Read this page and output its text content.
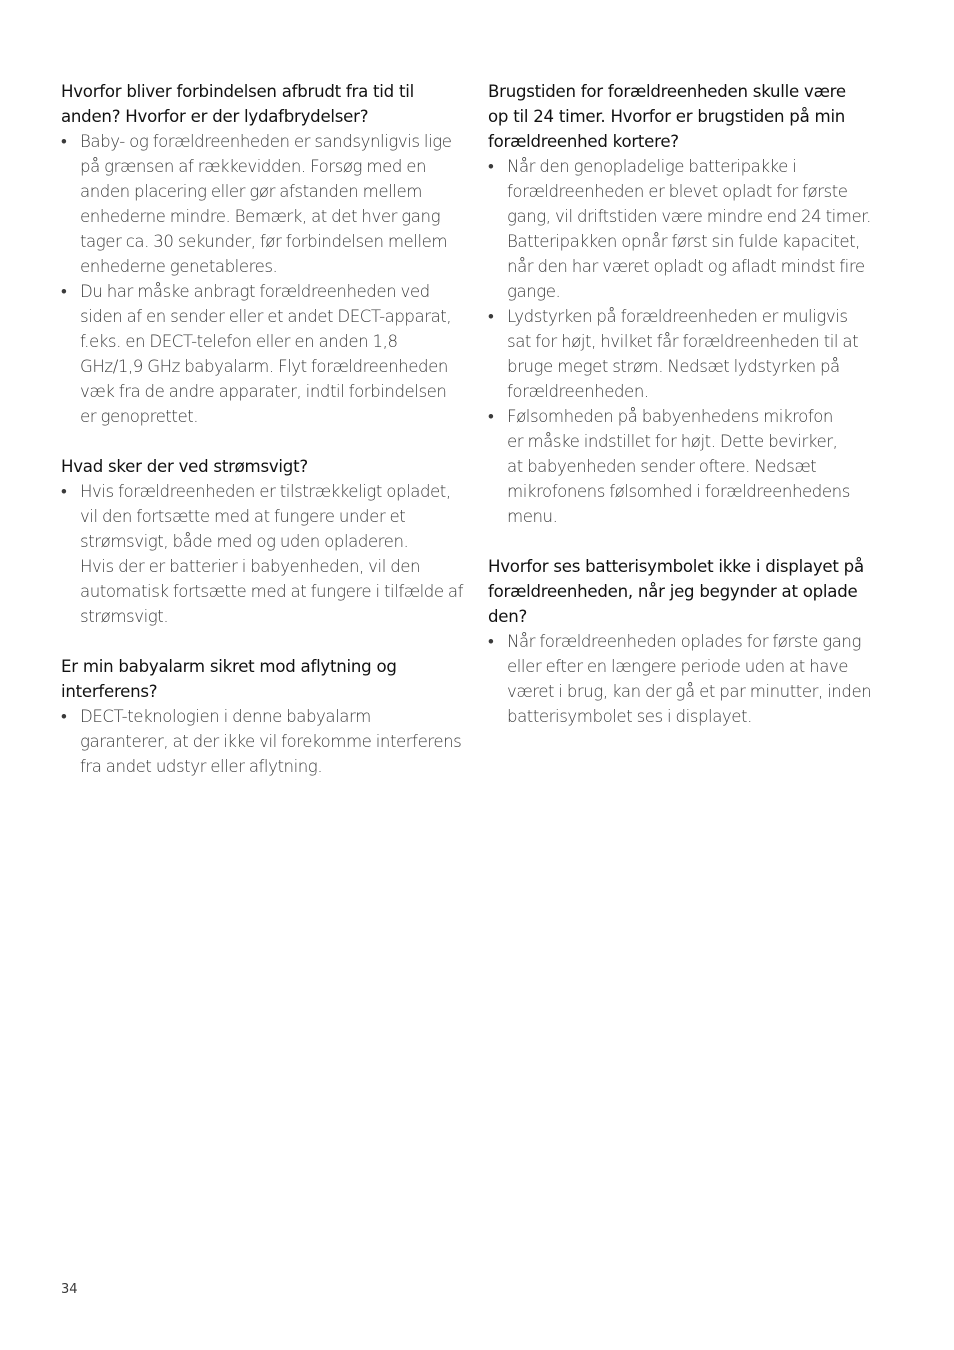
Hvorfor bliver forbindelsen afbrudt fra tid til
anden? Hvorfor er der lydafbrydelser?
• Baby- og forældreenheden er sandsynligvis lige
på grænsen af rækkevidden. Forsøg med en
anden placering eller gør afstanden mellem
enhederne mindre. Bemærk, at det hver gang
tager ca. 30 sekunder, før forbindelsen mellem
enhederne genetableres.
• Du har måske anbragt forældreenheden ved
siden af en sender eller et andet DECT-apparat,
f.eks. en DECT-telefon eller en anden 1,8
GHz/1,9 GHz babyalarm. Flyt forældreenheden
væk fra de andre apparater, indtil forbindelsen
er genoprettet.
Hvad sker der ved strømsvigt?
• Hvis forældreenheden er tilstrækkeligt opladet,
vil den fortsætte med at fungere under et
strømsvigt, både med og uden opladeren.
Hvis der er batterier i babyenheden, vil den
automatisk fortsætte med at fungere i tilfælde af
strømsvigt.
Er min babyalarm sikret mod aflytning og
interferens?
• DECT-teknologien i denne babyalarm
garanterer, at der ikke vil forekomme interferens
fra andet udstyr eller aflytning.
Brugstiden for forældreenheden skulle være
op til 24 timer. Hvorfor er brugstiden på min
forældreenhed kortere?
• Når den genopladelige batteripakke i
forældreenheden er blevet opladt for første
gang, vil driftstiden være mindre end 24 timer.
Batteripakken opnår først sin fulde kapacitet,
når den har været opladt og afladt mindst fire
gange.
• Lydstyrken på forældreenheden er muligvis
sat for højt, hvilket får forældreenheden til at
bruge meget strøm. Nedsæt lydstyrken på
forældreenheden.
• Følsomheden på babyenhedens mikrofon
er måske indstillet for højt. Dette bevirker,
at babyenheden sender oftere. Nedsæt
mikrofonens følsomhed i forældreenhedens
menu.
Hvorfor ses batterisymbolet ikke i displayet på
forældreenheden, når jeg begynder at oplade
den?
• Når forældreenheden oplades for første gang
eller efter en længere periode uden at have
været i brug, kan der gå et par minutter, inden
batterisymbolet ses i displayet.
34
